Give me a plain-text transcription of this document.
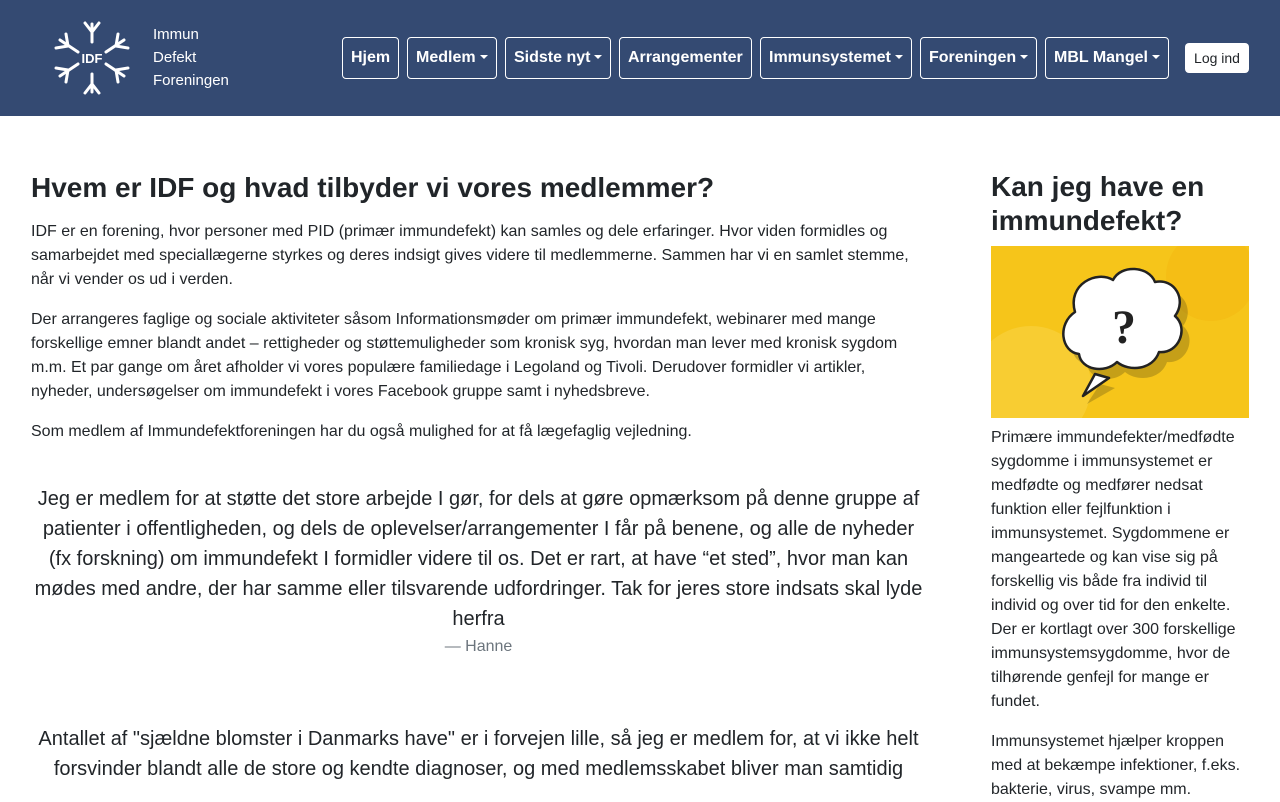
IDF
Immun
Defekt
Foreningen
Hjem	Medlem	Sidste nyt	Arrangementer	Immunsystemet	Foreningen	MBL Mangel	Log ind
Hvem er IDF og hvad tilbyder vi vores medlemmer?

IDF er en forening, hvor personer med PID (primær immundefekt) kan samles og dele erfaringer. Hvor viden formidles og samarbejdet med speciallægerne styrkes og deres indsigt gives videre til medlemmerne. Sammen har vi en samlet stemme, når vi vender os ud i verden.

Der arrangeres faglige og sociale aktiviteter såsom Informationsmøder om primær immundefekt, webinarer med mange forskellige emner blandt andet – rettigheder og støttemuligheder som kronisk syg, hvordan man lever med kronisk sygdom m.m. Et par gange om året afholder vi vores populære familiedage i Legoland og Tivoli. Derudover formidler vi artikler, nyheder, undersøgelser om immundefekt i vores Facebook gruppe samt i nyhedsbreve.

Som medlem af Immundefektforeningen har du også mulighed for at få lægefaglig vejledning.

Jeg er medlem for at støtte det store arbejde I gør, for dels at gøre opmærksom på denne gruppe af patienter i offentligheden, og dels de oplevelser/arrangementer I får på benene, og alle de nyheder (fx forskning) om immundefekt I formidler videre til os. Det er rart, at have “et sted”, hvor man kan mødes med andre, der har samme eller tilsvarende udfordringer. Tak for jeres store indsats skal lyde herfra
— Hanne
Antallet af "sjældne blomster i Danmarks have" er i forvejen lille, så jeg er medlem for, at vi ikke helt forsvinder blandt alle de store og kendte diagnoser, og med medlemsskabet bliver man samtidig
Kan jeg have en immundefekt?
?

Primære immundefekter/medfødte sygdomme i immunsystemet er medfødte og medfører nedsat funktion eller fejlfunktion i immunsystemet. Sygdommene er mangeartede og kan vise sig på forskellig vis både fra individ til individ og over tid for den enkelte. Der er kortlagt over 300 forskellige immunsystemsygdomme, hvor de tilhørende genfejl for mange er fundet.

Immunsystemet hjælper kroppen med at bekæmpe infektioner, f.eks. bakterie, virus, svampe mm.
